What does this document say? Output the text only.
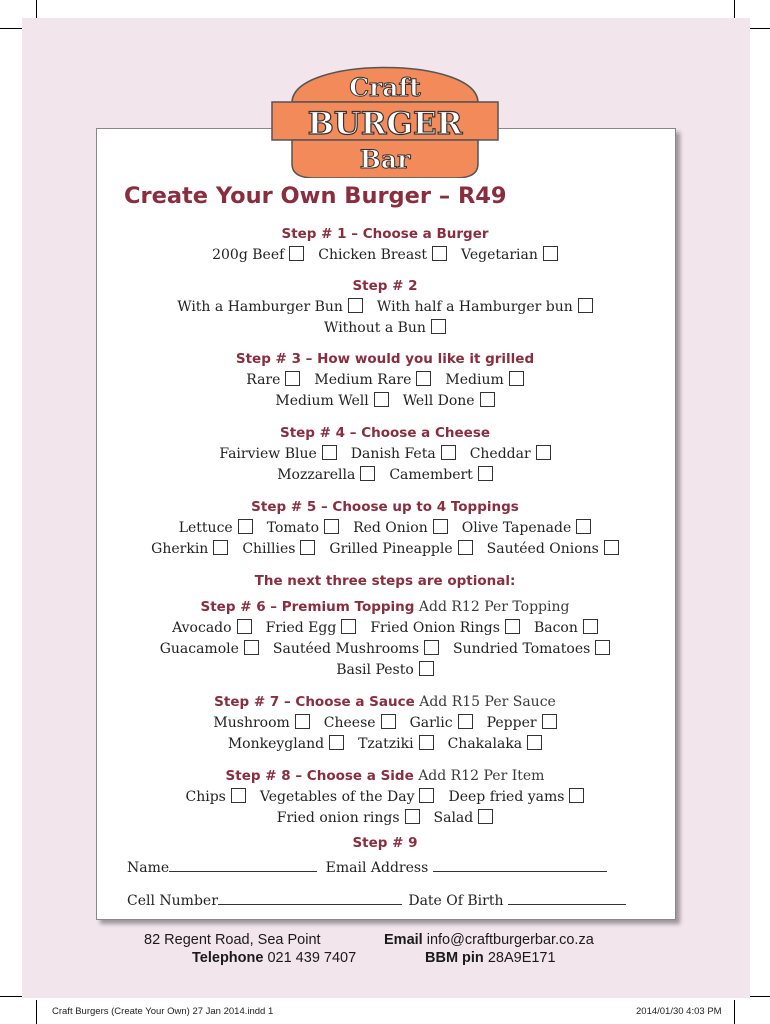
Craft
BURGER
Bar
Create Your Own Burger – R49
Step # 1 – Choose a Burger
200g Beef Chicken Breast Vegetarian
Step # 2
With a Hamburger Bun With half a Hamburger bun
Without a Bun
Step # 3 – How would you like it grilled
Rare Medium Rare Medium
Medium Well Well Done
Step # 4 – Choose a Cheese
Fairview Blue Danish Feta Cheddar
Mozzarella Camembert
Step # 5 – Choose up to 4 Toppings
Lettuce Tomato Red Onion Olive Tapenade
Gherkin Chillies Grilled Pineapple Sautéed Onions
The next three steps are optional:
Step # 6 – Premium Topping Add R12 Per Topping
Avocado Fried Egg Fried Onion Rings Bacon
Guacamole Sautéed Mushrooms Sundried Tomatoes
Basil Pesto
Step # 7 – Choose a Sauce Add R15 Per Sauce
Mushroom Cheese Garlic Pepper
Monkeygland Tzatziki Chakalaka
Step # 8 – Choose a Side Add R12 Per Item
Chips Vegetables of the Day Deep fried yams
Fried onion rings Salad
Step # 9
Name	Email Address
Cell Number	Date Of Birth
82 Regent Road, Sea Point	Email info@craftburgerbar.co.za
Telephone 021 439 7407	BBM pin 28A9E171
Craft Burgers (Create Your Own) 27 Jan 2014.indd 1	2014/01/30 4:03 PM
